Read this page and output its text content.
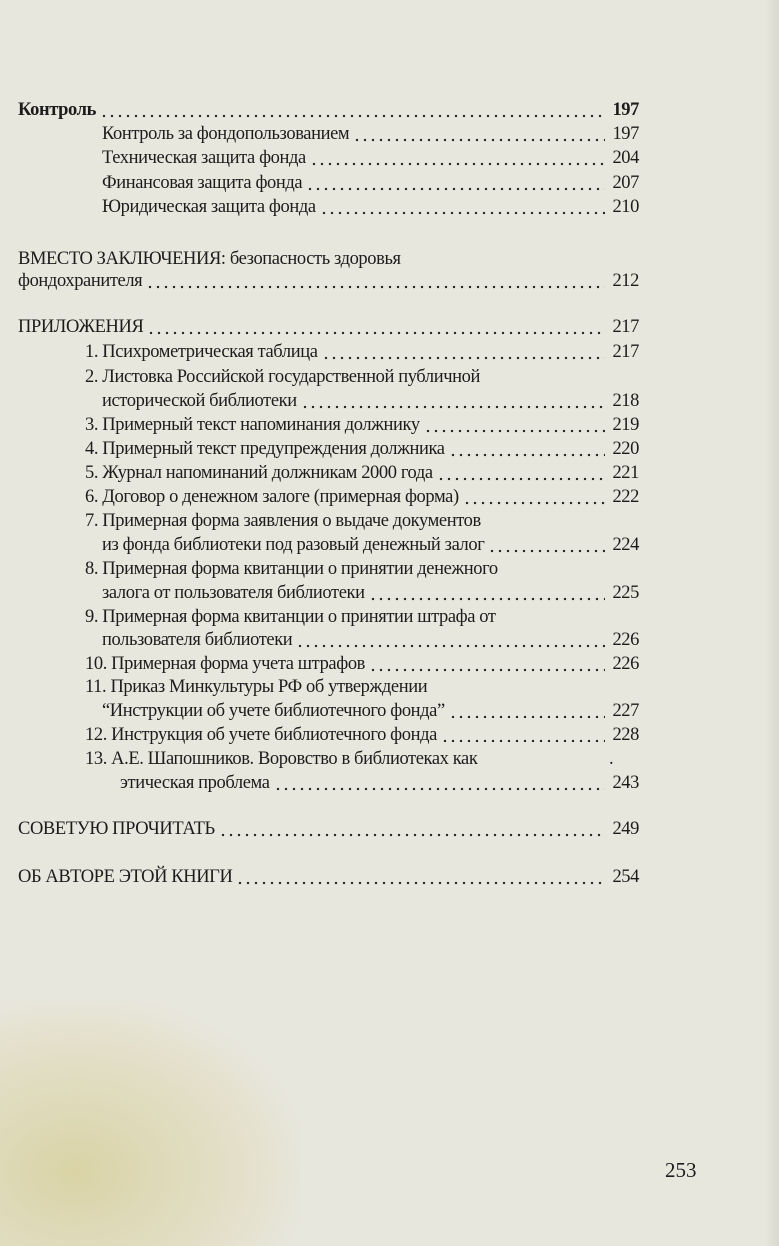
Контроль	197
Контроль за фондопользованием	197
Техническая защита фонда	204
Финансовая защита фонда	207
Юридическая защита фонда	210
ВМЕСТО ЗАКЛЮЧЕНИЯ: безопасность здоровья
фондохранителя	212
ПРИЛОЖЕНИЯ	217
1. Психрометрическая таблица	217
2. Листовка Российской государственной публичной
исторической библиотеки	218
3. Примерный текст напоминания должнику	219
4. Примерный текст предупреждения должника	220
5. Журнал напоминаний должникам 2000 года	221
6. Договор о денежном залоге (примерная форма)	222
7. Примерная форма заявления о выдаче документов
из фонда библиотеки под разовый денежный залог	224
8. Примерная форма квитанции о принятии денежного
залога от пользователя библиотеки	225
9. Примерная форма квитанции о принятии штрафа от
пользователя библиотеки	226
10. Примерная форма учета штрафов	226
11. Приказ Минкультуры РФ об утверждении
“Инструкции об учете библиотечного фонда”	227
12. Инструкция об учете библиотечного фонда	228
13. А.Е. Шапошников. Воровство в библиотеках как	.
этическая проблема	243
СОВЕТУЮ ПРОЧИТАТЬ	249
ОБ АВТОРЕ ЭТОЙ КНИГИ	254
253
